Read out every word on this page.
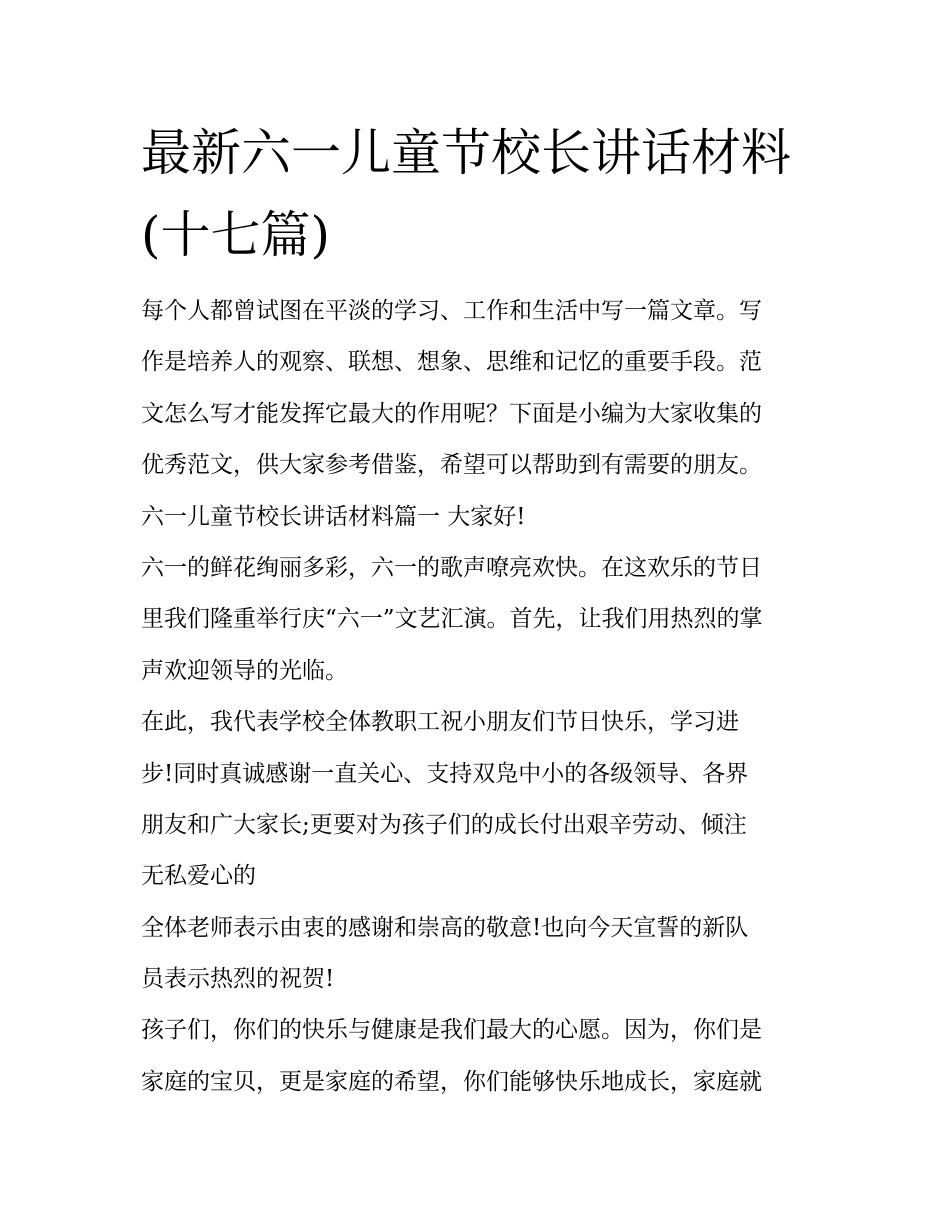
最新六一儿童节校长讲话材料
(十七篇)
每个人都曾试图在平淡的学习、工作和生活中写一篇文章。写
作是培养人的观察、联想、想象、思维和记忆的重要手段。范
文怎么写才能发挥它最大的作用呢？下面是小编为大家收集的
优秀范文，供大家参考借鉴，希望可以帮助到有需要的朋友。
六一儿童节校长讲话材料篇一 大家好!
六一的鲜花绚丽多彩，六一的歌声嘹亮欢快。在这欢乐的节日
里我们隆重举行庆“六一”文艺汇演。首先，让我们用热烈的掌
声欢迎领导的光临。
在此，我代表学校全体教职工祝小朋友们节日快乐，学习进
步!同时真诚感谢一直关心、支持双凫中小的各级领导、各界
朋友和广大家长;更要对为孩子们的成长付出艰辛劳动、倾注
无私爱心的
全体老师表示由衷的感谢和崇高的敬意!也向今天宣誓的新队
员表示热烈的祝贺!
孩子们，你们的快乐与健康是我们最大的心愿。因为，你们是
家庭的宝贝，更是家庭的希望，你们能够快乐地成长，家庭就
